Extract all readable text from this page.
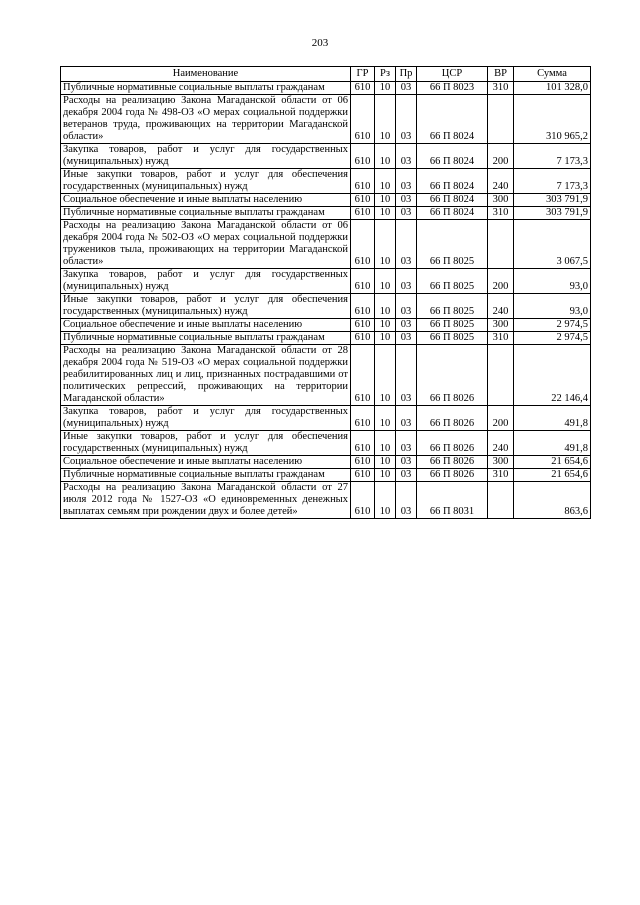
203
Наименование	ГР	Рз	Пр	ЦСР	ВР	Сумма
Публичные нормативные социальные выплаты гражданам	610	10	03	66 П 8023	310	101 328,0
Расходы на реализацию Закона Магаданской области от 06 декабря 2004 года № 498-ОЗ «О мерах социальной поддержки ветеранов труда, проживающих на территории Магаданской области»	610	10	03	66 П 8024		310 965,2
Закупка товаров, работ и услуг для государственных (муниципальных) нужд	610	10	03	66 П 8024	200	7 173,3
Иные закупки товаров, работ и услуг для обеспечения государственных (муниципальных) нужд	610	10	03	66 П 8024	240	7 173,3
Социальное обеспечение и иные выплаты населению	610	10	03	66 П 8024	300	303 791,9
Публичные нормативные социальные выплаты гражданам	610	10	03	66 П 8024	310	303 791,9
Расходы на реализацию Закона Магаданской области от 06 декабря 2004 года № 502-ОЗ «О мерах социальной поддержки тружеников тыла, проживающих на территории Магаданской области»	610	10	03	66 П 8025		3 067,5
Закупка товаров, работ и услуг для государственных (муниципальных) нужд	610	10	03	66 П 8025	200	93,0
Иные закупки товаров, работ и услуг для обеспечения государственных (муниципальных) нужд	610	10	03	66 П 8025	240	93,0
Социальное обеспечение и иные выплаты населению	610	10	03	66 П 8025	300	2 974,5
Публичные нормативные социальные выплаты гражданам	610	10	03	66 П 8025	310	2 974,5
Расходы на реализацию Закона Магаданской области от 28 декабря 2004 года № 519-ОЗ «О мерах социальной поддержки реабилитированных лиц и лиц, признанных пострадавшими от политических репрессий, проживающих на территории Магаданской области»	610	10	03	66 П 8026		22 146,4
Закупка товаров, работ и услуг для государственных (муниципальных) нужд	610	10	03	66 П 8026	200	491,8
Иные закупки товаров, работ и услуг для обеспечения государственных (муниципальных) нужд	610	10	03	66 П 8026	240	491,8
Социальное обеспечение и иные выплаты населению	610	10	03	66 П 8026	300	21 654,6
Публичные нормативные социальные выплаты гражданам	610	10	03	66 П 8026	310	21 654,6
Расходы на реализацию Закона Магаданской области от 27 июля 2012 года № 1527-ОЗ «О единовременных денежных выплатах семьям при рождении двух и более детей»	610	10	03	66 П 8031		863,6
